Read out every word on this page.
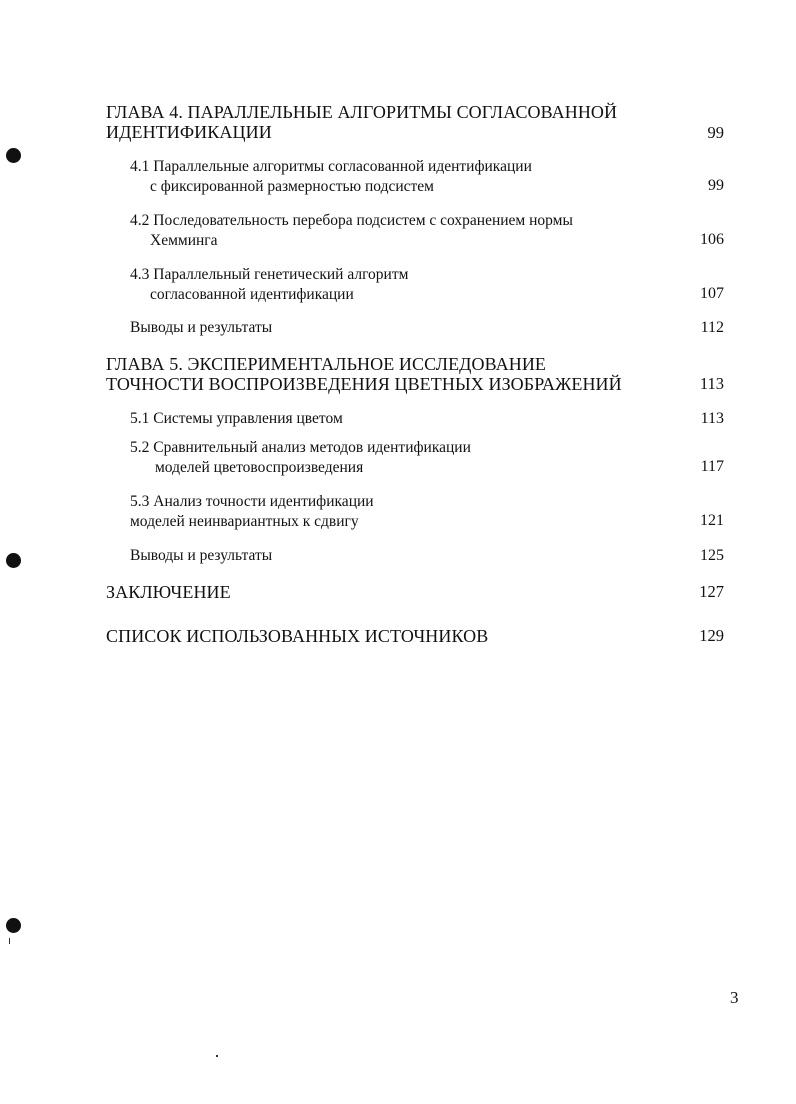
ГЛАВА 4. ПАРАЛЛЕЛЬНЫЕ АЛГОРИТМЫ СОГЛАСОВАННОЙ
ИДЕНТИФИКАЦИИ	99
4.1 Параллельные алгоритмы согласованной идентификации
с фиксированной размерностью подсистем	99
4.2 Последовательность перебора подсистем с сохранением нормы
Хемминга	106
4.3 Параллельный генетический алгоритм
согласованной идентификации	107
Выводы и результаты	112
ГЛАВА 5. ЭКСПЕРИМЕНТАЛЬНОЕ ИССЛЕДОВАНИЕ
ТОЧНОСТИ ВОСПРОИЗВЕДЕНИЯ ЦВЕТНЫХ ИЗОБРАЖЕНИЙ	113
5.1 Системы управления цветом	113
5.2 Сравнительный анализ методов идентификации
моделей цветовоспроизведения	117
5.3 Анализ точности идентификации
моделей неинвариантных к сдвигу	121
Выводы и результаты	125
ЗАКЛЮЧЕНИЕ	127
СПИСОК ИСПОЛЬЗОВАННЫХ ИСТОЧНИКОВ	129
3
